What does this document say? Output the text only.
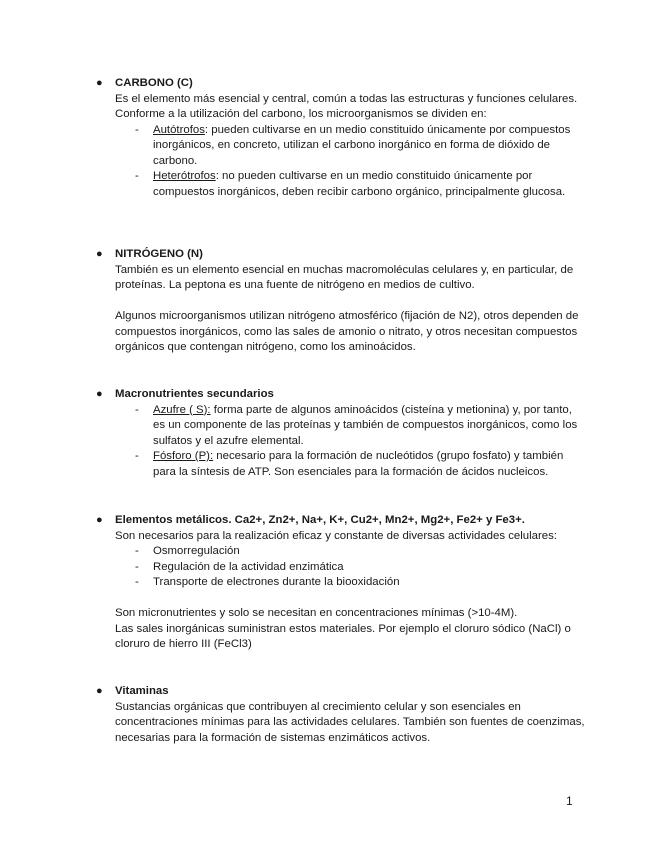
● CARBONO (C)

Es el elemento más esencial y central, común a todas las estructuras y funciones celulares.

Conforme a la utilización del carbono, los microorganismos se dividen en:

- Autótrofos: pueden cultivarse en un medio constituido únicamente por compuestos inorgánicos, en concreto, utilizan el carbono inorgánico en forma de dióxido de carbono.
- Heterótrofos: no pueden cultivarse en un medio constituido únicamente por compuestos inorgánicos, deben recibir carbono orgánico, principalmente glucosa.
● NITRÓGENO (N)

También es un elemento esencial en muchas macromoléculas celulares y, en particular, de proteínas. La peptona es una fuente de nitrógeno en medios de cultivo.

Algunos microorganismos utilizan nitrógeno atmosférico (fijación de N2), otros dependen de compuestos inorgánicos, como las sales de amonio o nitrato, y otros necesitan compuestos orgánicos que contengan nitrógeno, como los aminoácidos.

● Macronutrientes secundarios

- Azufre ( S): forma parte de algunos aminoácidos (cisteína y metionina) y, por tanto, es un componente de las proteínas y también de compuestos inorgánicos, como los sulfatos y el azufre elemental.
- Fósforo (P): necesario para la formación de nucleótidos (grupo fosfato) y también para la síntesis de ATP. Son esenciales para la formación de ácidos nucleicos.
● Elementos metálicos. Ca2+, Zn2+, Na+, K+, Cu2+, Mn2+, Mg2+, Fe2+ y Fe3+.

Son necesarios para la realización eficaz y constante de diversas actividades celulares:

- Osmorregulación
- Regulación de la actividad enzimática
- Transporte de electrones durante la biooxidación

Son micronutrientes y solo se necesitan en concentraciones mínimas (>10-4M).

Las sales inorgánicas suministran estos materiales. Por ejemplo el cloruro sódico (NaCl) o cloruro de hierro III (FeCl3)

● Vitaminas

Sustancias orgánicas que contribuyen al crecimiento celular y son esenciales en concentraciones mínimas para las actividades celulares. También son fuentes de coenzimas, necesarias para la formación de sistemas enzimáticos activos.

1
